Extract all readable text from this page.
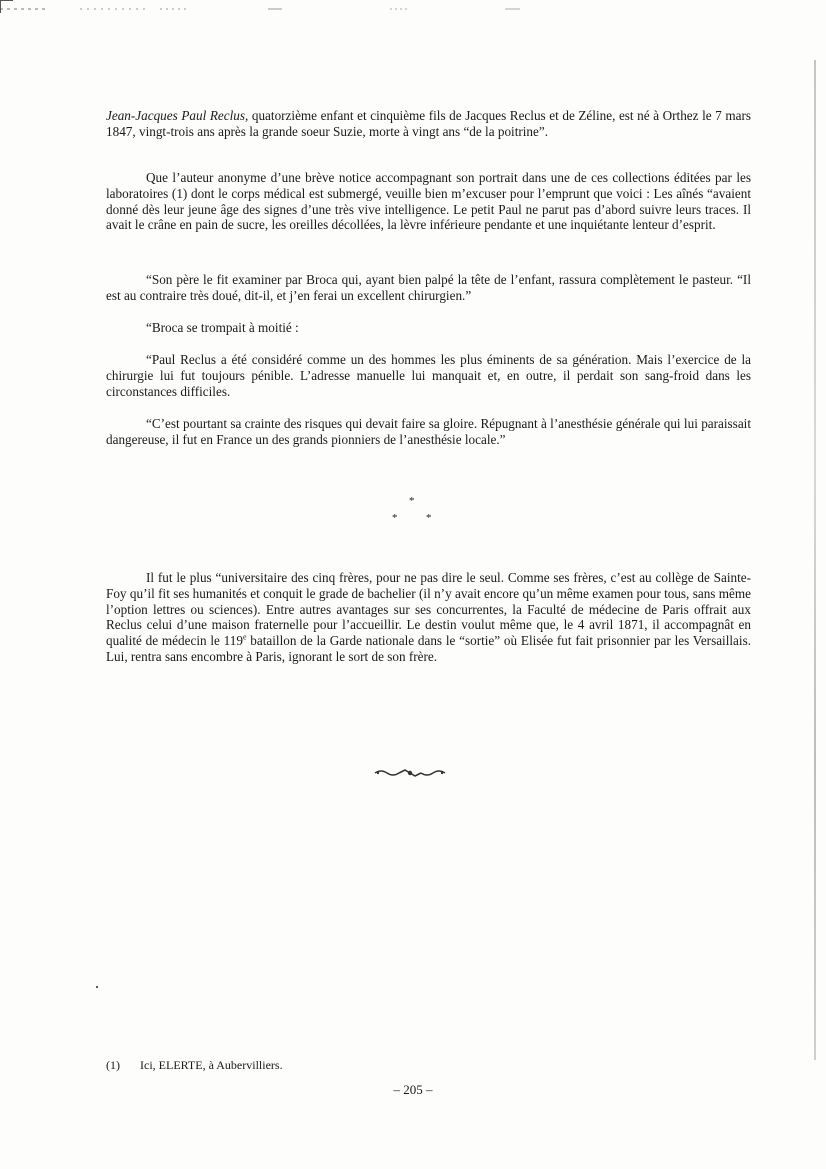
Jean-Jacques Paul Reclus, quatorzième enfant et cinquième fils de Jacques Reclus et de Zéline, est né à Orthez le 7 mars 1847, vingt-trois ans après la grande soeur Suzie, morte à vingt ans “de la poitrine”.

Que l’auteur anonyme d’une brève notice accompagnant son portrait dans une de ces collections éditées par les laboratoires (1) dont le corps médical est submergé, veuille bien m’excuser pour l’emprunt que voici : Les aînés “avaient donné dès leur jeune âge des signes d’une très vive intelligence. Le petit Paul ne parut pas d’abord suivre leurs traces. Il avait le crâne en pain de sucre, les oreilles décollées, la lèvre inférieure pendante et une inquiétante lenteur d’esprit.

“Son père le fit examiner par Broca qui, ayant bien palpé la tête de l’enfant, rassura complètement le pasteur. “Il est au contraire très doué, dit-il, et j’en ferai un excellent chirurgien.”

“Broca se trompait à moitié :

“Paul Reclus a été considéré comme un des hommes les plus éminents de sa génération. Mais l’exercice de la chirurgie lui fut toujours pénible. L’adresse manuelle lui manquait et, en outre, il perdait son sang-froid dans les circonstances difficiles.

“C’est pourtant sa crainte des risques qui devait faire sa gloire. Répugnant à l’anesthésie générale qui lui paraissait dangereuse, il fut en France un des grands pionniers de l’anesthésie locale.”

*
*	*

Il fut le plus “universitaire des cinq frères, pour ne pas dire le seul. Comme ses frères, c’est au collège de Sainte-Foy qu’il fit ses humanités et conquit le grade de bachelier (il n’y avait encore qu’un même examen pour tous, sans même l’option lettres ou sciences). Entre autres avantages sur ses concurrentes, la Faculté de médecine de Paris offrait aux Reclus celui d’une maison fraternelle pour l’accueillir. Le destin voulut même que, le 4 avril 1871, il accompagnât en qualité de médecin le 119e bataillon de la Garde nationale dans le “sortie” où Elisée fut fait prisonnier par les Versaillais. Lui, rentra sans encombre à Paris, ignorant le sort de son frère.

(1) Ici, ELERTE, à Aubervilliers.
– 205 –
